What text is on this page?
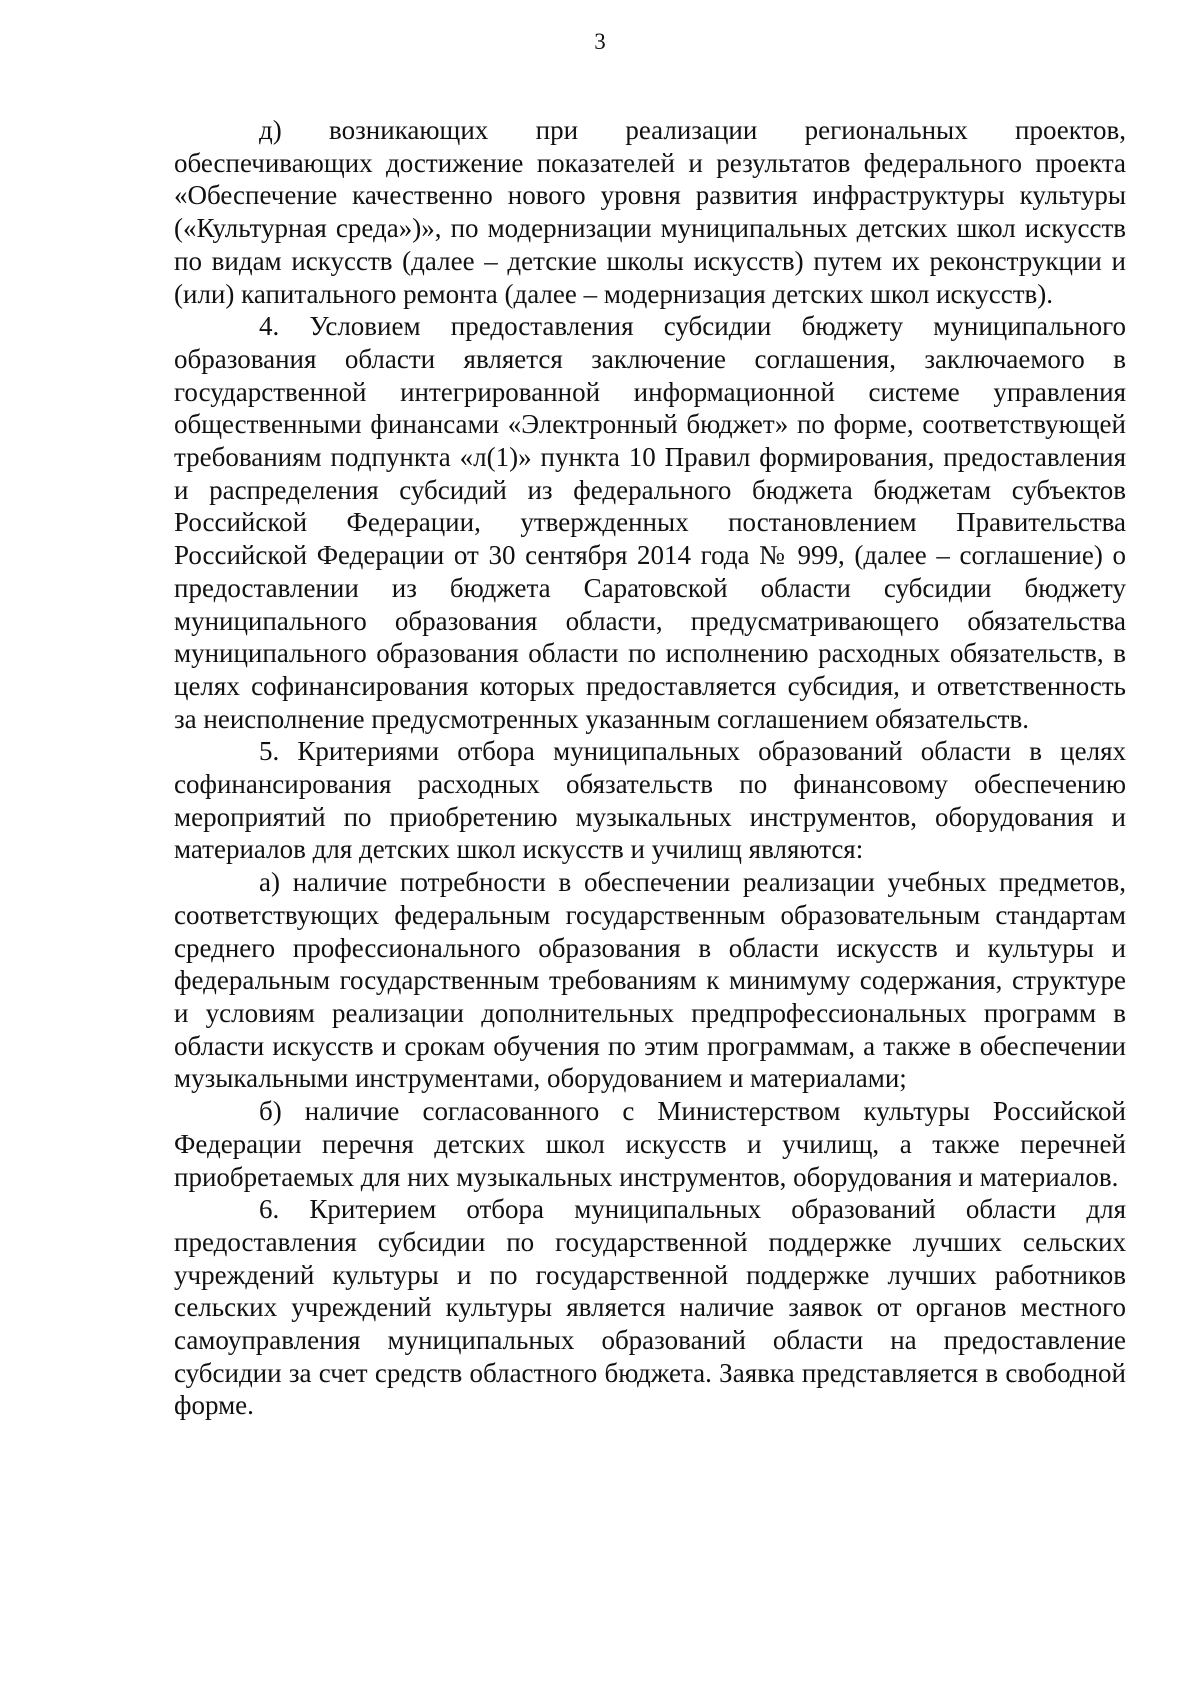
3

д) возникающих при реализации региональных проектов, обеспечивающих достижение показателей и результатов федерального проекта «Обеспечение качественно нового уровня развития инфраструктуры культуры («Культурная среда»)», по модернизации муниципальных детских школ искусств по видам искусств (далее – детские школы искусств) путем их реконструкции и (или) капитального ремонта (далее – модернизация детских школ искусств).

4. Условием предоставления субсидии бюджету муниципального образования области является заключение соглашения, заключаемого в государственной интегрированной информационной системе управления общественными финансами «Электронный бюджет» по форме, соответствующей требованиям подпункта «л(1)» пункта 10 Правил формирования, предоставления и распределения субсидий из федерального бюджета бюджетам субъектов Российской Федерации, утвержденных постановлением Правительства Российской Федерации от 30 сентября 2014 года № 999, (далее – соглашение) о предоставлении из бюджета Саратовской области субсидии бюджету муниципального образования области, предусматривающего обязательства муниципального образования области по исполнению расходных обязательств, в целях софинансирования которых предоставляется субсидия, и ответственность за неисполнение предусмотренных указанным соглашением обязательств.

5. Критериями отбора муниципальных образований области в целях софинансирования расходных обязательств по финансовому обеспечению мероприятий по приобретению музыкальных инструментов, оборудования и материалов для детских школ искусств и училищ являются:

а) наличие потребности в обеспечении реализации учебных предметов, соответствующих федеральным государственным образовательным стандартам среднего профессионального образования в области искусств и культуры и федеральным государственным требованиям к минимуму содержания, структуре и условиям реализации дополнительных предпрофессиональных программ в области искусств и срокам обучения по этим программам, а также в обеспечении музыкальными инструментами, оборудованием и материалами;

б) наличие согласованного с Министерством культуры Российской Федерации перечня детских школ искусств и училищ, а также перечней приобретаемых для них музыкальных инструментов, оборудования и материалов.

6. Критерием отбора муниципальных образований области для предоставления субсидии по государственной поддержке лучших сельских учреждений культуры и по государственной поддержке лучших работников сельских учреждений культуры является наличие заявок от органов местного самоуправления муниципальных образований области на предоставление субсидии за счет средств областного бюджета. Заявка представляется в свободной форме.
